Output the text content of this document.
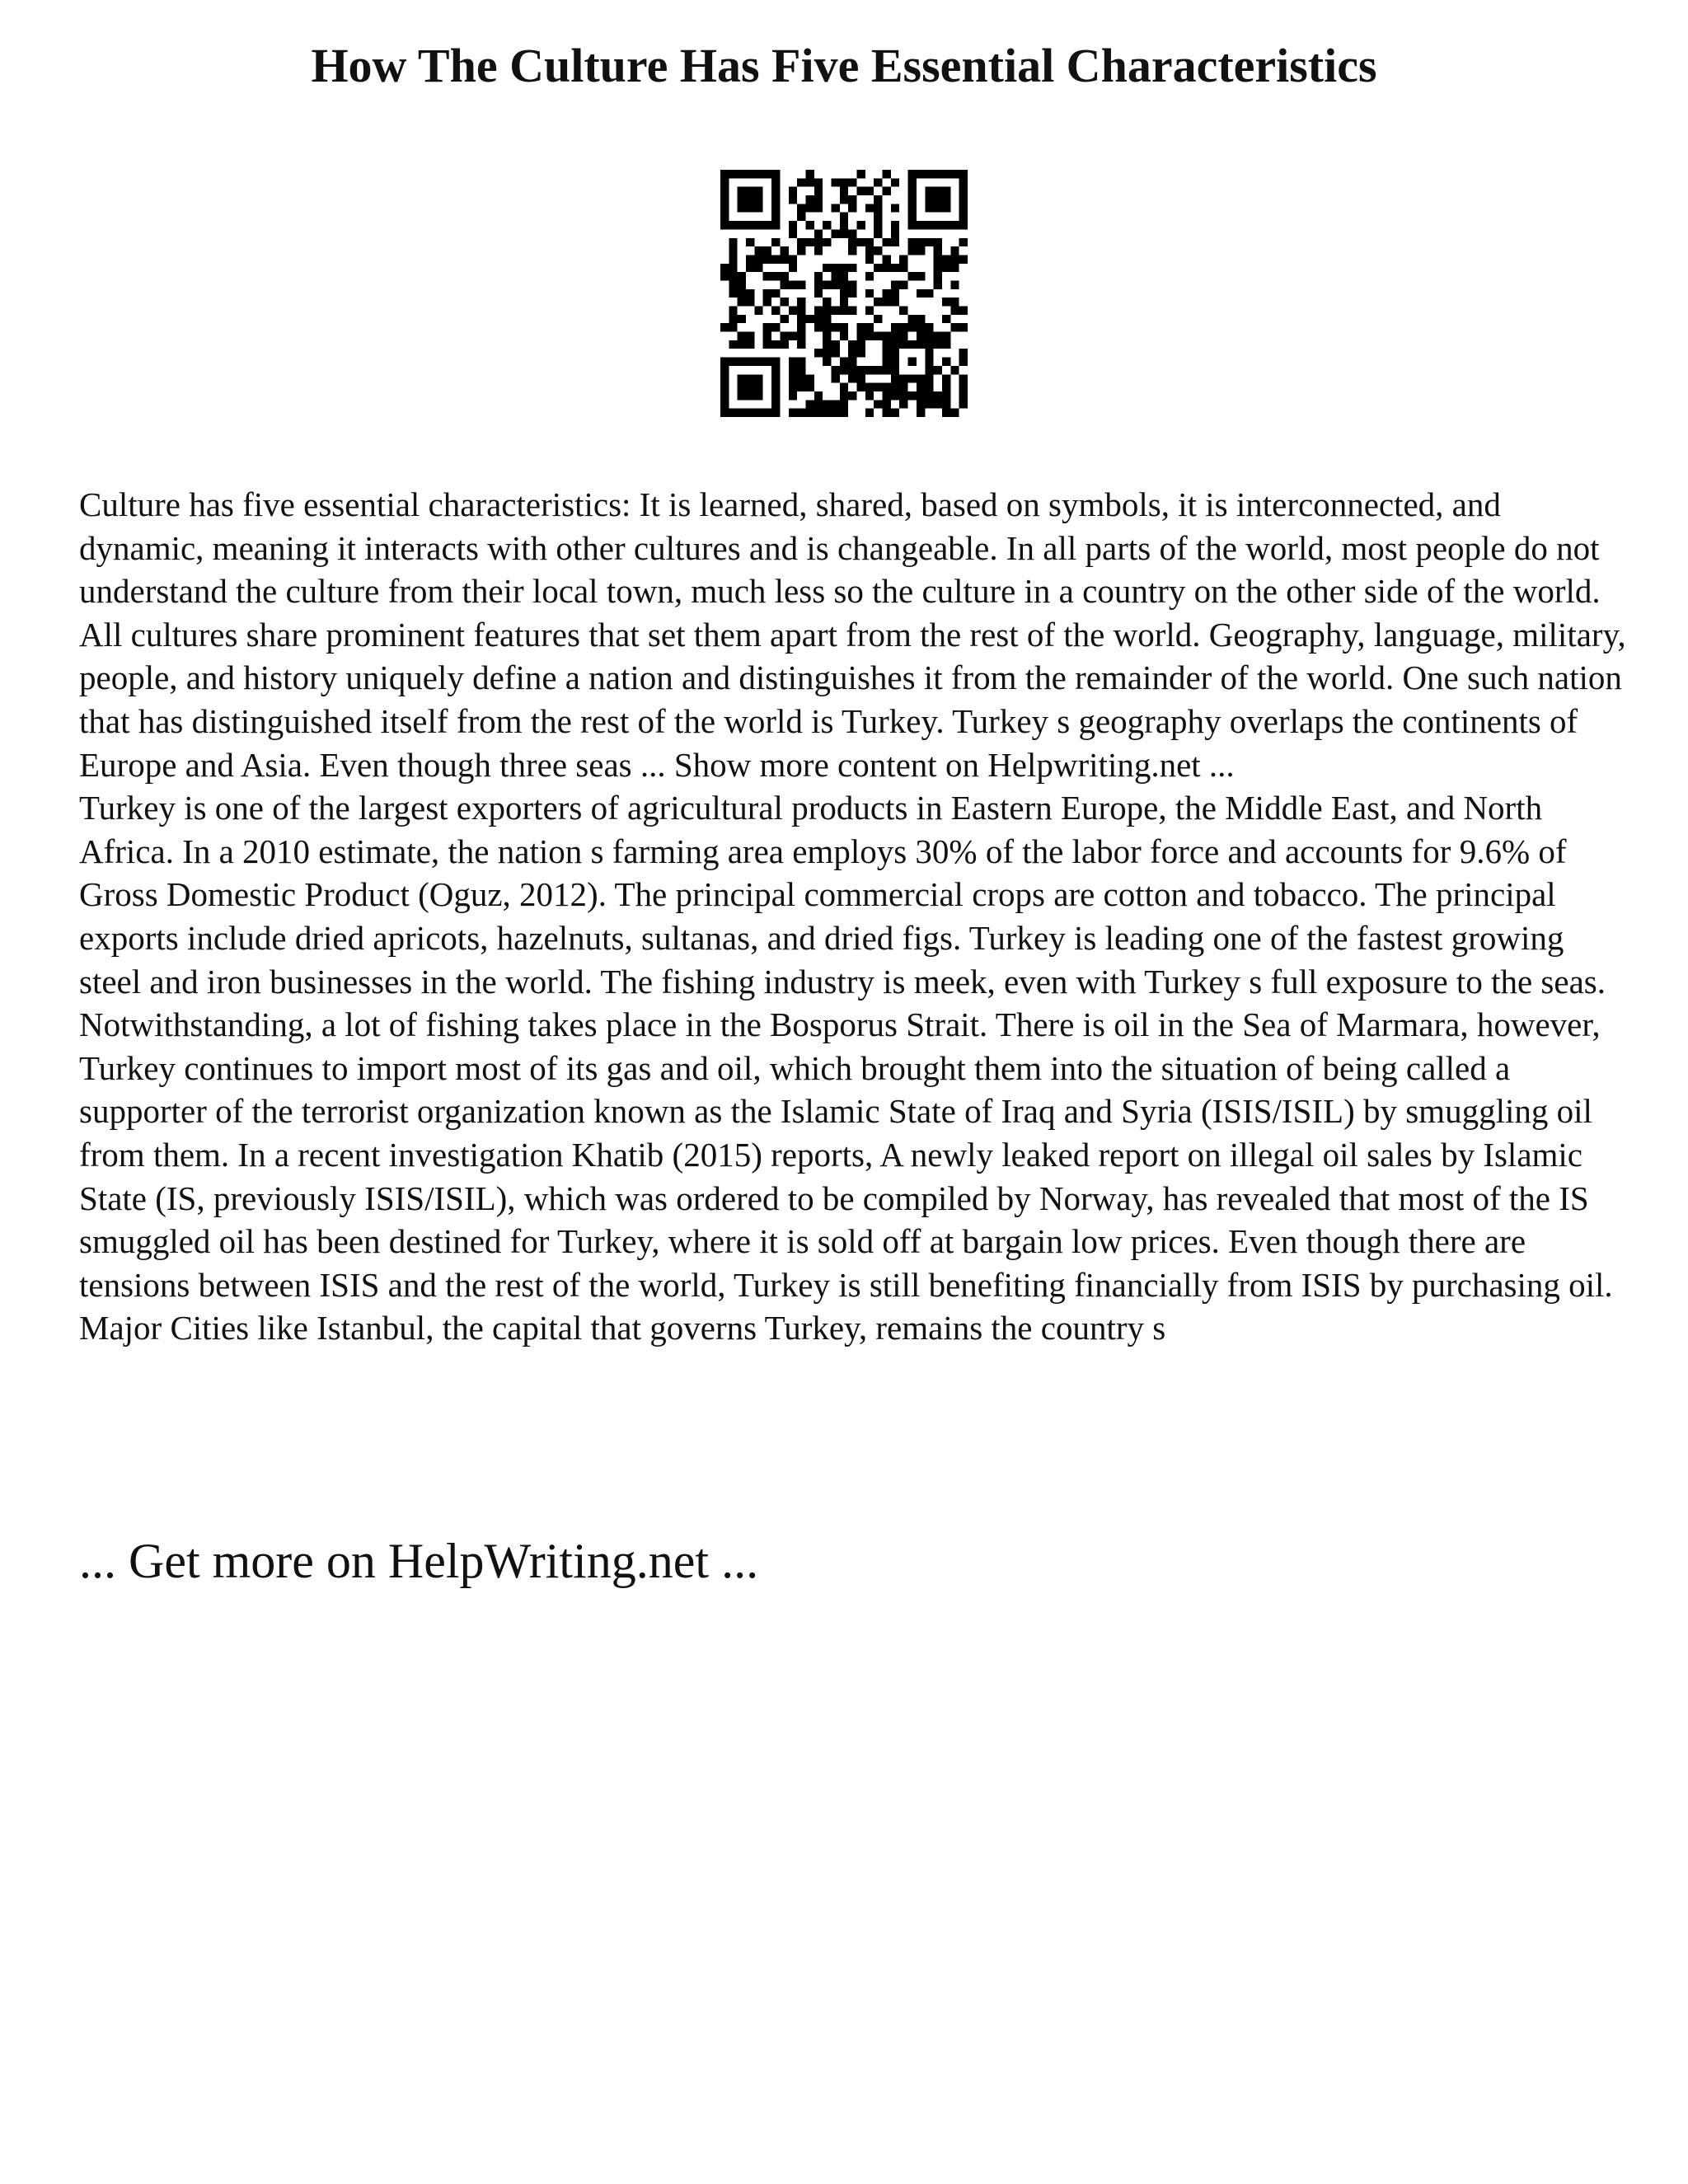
How The Culture Has Five Essential Characteristics

Culture has five essential characteristics: It is learned, shared, based on symbols, it is interconnected, and dynamic, meaning it interacts with other cultures and is changeable. In all parts of the world, most people do not understand the culture from their local town, much less so the culture in a country on the other side of the world. All cultures share prominent features that set them apart from the rest of the world. Geography, language, military, people, and history uniquely define a nation and distinguishes it from the remainder of the world. One such nation that has distinguished itself from the rest of the world is Turkey. Turkey s geography overlaps the continents of Europe and Asia. Even though three seas ... Show more content on Helpwriting.net ...

Turkey is one of the largest exporters of agricultural products in Eastern Europe, the Middle East, and North Africa. In a 2010 estimate, the nation s farming area employs 30% of the labor force and accounts for 9.6% of Gross Domestic Product (Oguz, 2012). The principal commercial crops are cotton and tobacco. The principal exports include dried apricots, hazelnuts, sultanas, and dried figs. Turkey is leading one of the fastest growing steel and iron businesses in the world. The fishing industry is meek, even with Turkey s full exposure to the seas. Notwithstanding, a lot of fishing takes place in the Bosporus Strait. There is oil in the Sea of Marmara, however, Turkey continues to import most of its gas and oil, which brought them into the situation of being called a supporter of the terrorist organization known as the Islamic State of Iraq and Syria (ISIS/ISIL) by smuggling oil from them. In a recent investigation Khatib (2015) reports, A newly leaked report on illegal oil sales by Islamic State (IS, previously ISIS/ISIL), which was ordered to be compiled by Norway, has revealed that most of the IS smuggled oil has been destined for Turkey, where it is sold off at bargain low prices. Even though there are tensions between ISIS and the rest of the world, Turkey is still benefiting financially from ISIS by purchasing oil. Major Cities like Istanbul, the capital that governs Turkey, remains the country s

... Get more on HelpWriting.net ...
